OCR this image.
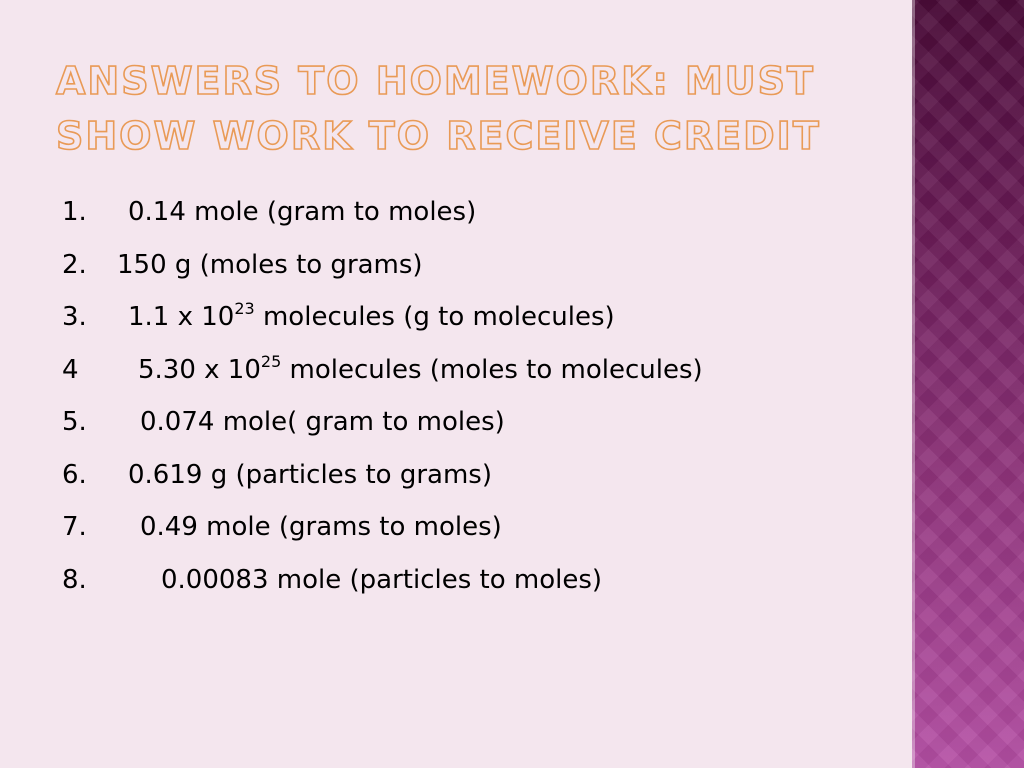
ANSWERS TO HOMEWORK: MUST SHOW WORK TO RECEIVE CREDIT
1. 0.14 mole (gram to moles)
2. 150 g (moles to grams)
3. 1.1 x $10^{23}$ molecules (g to molecules)
4 5.30 x $10^{25}$ molecules (moles to molecules)
5. 0.074 mole( gram to moles)
6. 0.619 g (particles to grams)
7. 0.49 mole (grams to moles)
8.	0.00083 mole (particles to moles)
